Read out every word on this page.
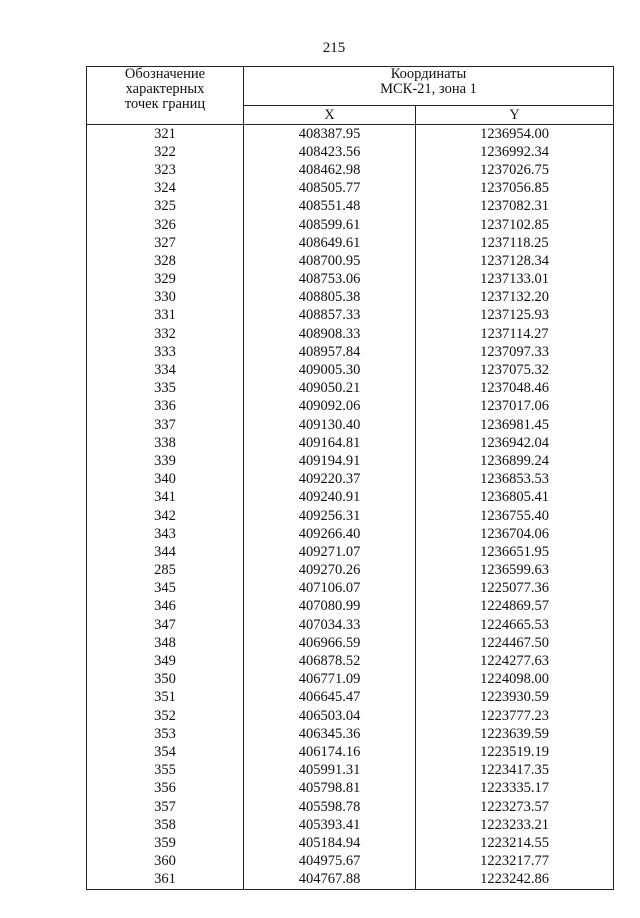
215
Обозначение
характерных
точек границ	Координаты
МСК-21, зона 1	

	X	Y
321	408387.95	1236954.00
322	408423.56	1236992.34
323	408462.98	1237026.75
324	408505.77	1237056.85
325	408551.48	1237082.31
326	408599.61	1237102.85
327	408649.61	1237118.25
328	408700.95	1237128.34
329	408753.06	1237133.01
330	408805.38	1237132.20
331	408857.33	1237125.93
332	408908.33	1237114.27
333	408957.84	1237097.33
334	409005.30	1237075.32
335	409050.21	1237048.46
336	409092.06	1237017.06
337	409130.40	1236981.45
338	409164.81	1236942.04
339	409194.91	1236899.24
340	409220.37	1236853.53
341	409240.91	1236805.41
342	409256.31	1236755.40
343	409266.40	1236704.06
344	409271.07	1236651.95
285	409270.26	1236599.63
345	407106.07	1225077.36
346	407080.99	1224869.57
347	407034.33	1224665.53
348	406966.59	1224467.50
349	406878.52	1224277.63
350	406771.09	1224098.00
351	406645.47	1223930.59
352	406503.04	1223777.23
353	406345.36	1223639.59
354	406174.16	1223519.19
355	405991.31	1223417.35
356	405798.81	1223335.17
357	405598.78	1223273.57
358	405393.41	1223233.21
359	405184.94	1223214.55
360	404975.67	1223217.77
361	404767.88	1223242.86
